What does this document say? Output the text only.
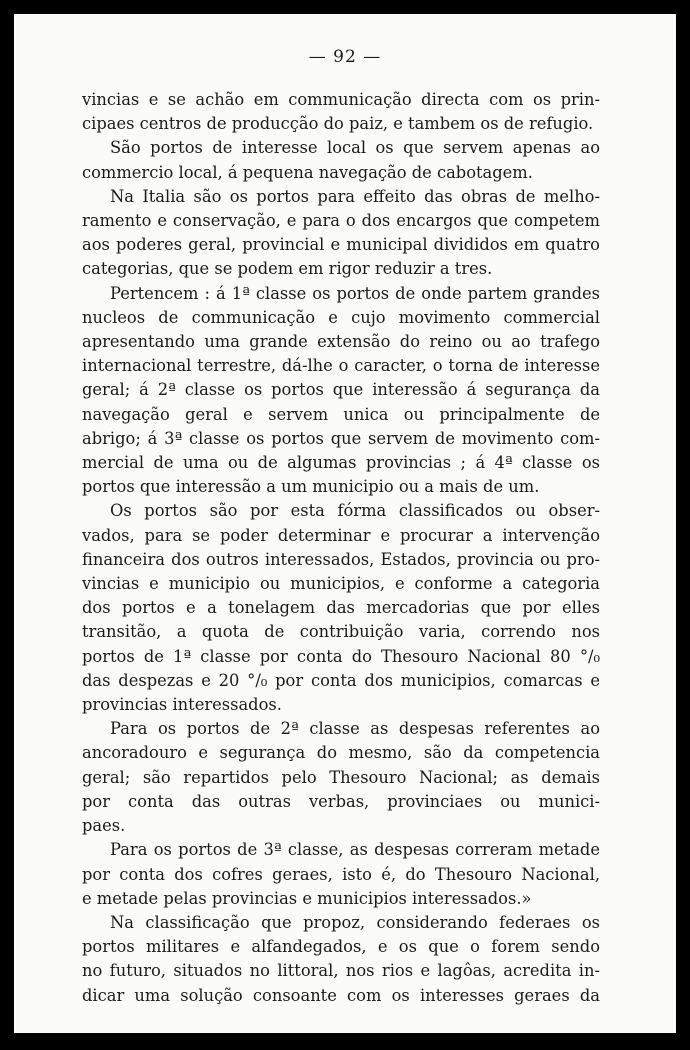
— 92 —
vincias e se achão em communicação directa com os prin-
cipaes centros de producção do paiz, e tambem os de refugio.
São portos de interesse local os que servem apenas ao
commercio local, á pequena navegação de cabotagem.
Na Italia são os portos para effeito das obras de melho-
ramento e conservação, e para o dos encargos que competem
aos poderes geral, provincial e municipal divididos em quatro
categorias, que se podem em rigor reduzir a tres.
Pertencem : á 1ª classe os portos de onde partem grandes
nucleos de communicação e cujo movimento commercial
apresentando uma grande extensão do reino ou ao trafego
internacional terrestre, dá-lhe o caracter, o torna de interesse
geral; á 2ª classe os portos que interessão á segurança da
navegação geral e servem unica ou principalmente de
abrigo; á 3ª classe os portos que servem de movimento com-
mercial de uma ou de algumas provincias ; á 4ª classe os
portos que interessão a um municipio ou a mais de um.
Os portos são por esta fórma classificados ou obser-
vados, para se poder determinar e procurar a intervenção
financeira dos outros interessados, Estados, provincia ou pro-
vincias e municipio ou municipios, e conforme a categoria
dos portos e a tonelagem das mercadorias que por elles
transitão, a quota de contribuição varia, correndo nos
portos de 1ª classe por conta do Thesouro Nacional 80 °/₀
das despezas e 20 °/₀ por conta dos municipios, comarcas e
provincias interessados.
Para os portos de 2ª classe as despesas referentes ao
ancoradouro e segurança do mesmo, são da competencia
geral; são repartidos pelo Thesouro Nacional; as demais
por conta das outras verbas, provinciaes ou munici-
paes.
Para os portos de 3ª classe, as despesas correram metade
por conta dos cofres geraes, isto é, do Thesouro Nacional,
e metade pelas provincias e municipios interessados.»
Na classificação que propoz, considerando federaes os
portos militares e alfandegados, e os que o forem sendo
no futuro, situados no littoral, nos rios e lagôas, acredita in-
dicar uma solução consoante com os interesses geraes da
